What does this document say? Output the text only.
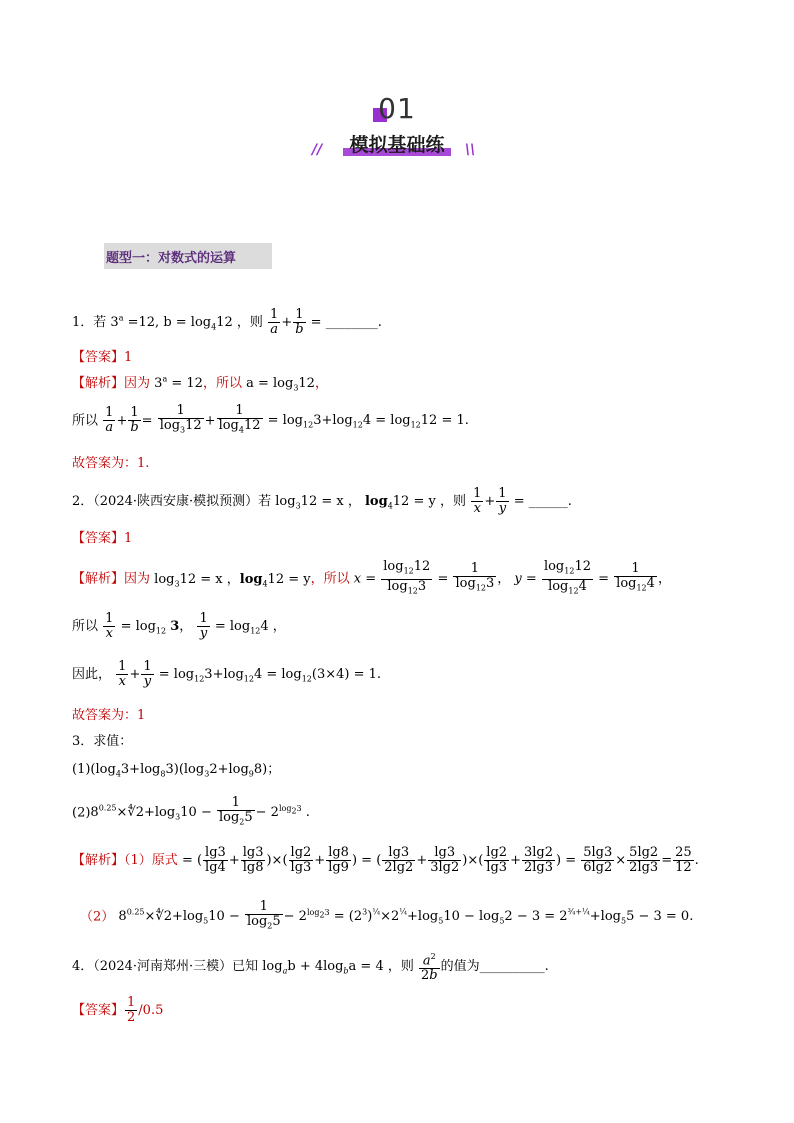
01
//	模拟基础练	\\
题型一：对数式的运算
1．若 $3^a =12$, $b = \log_412$ ，则 $\frac{1}{a} + \frac{1}{b}$ = ________.
【答案】1
【解析】因为 $3^a = 12$，所以 $a = \log_312$，
所以 $\frac{1}{a} + \frac{1}{b} = \frac{1}{\log_312} + \frac{1}{\log_412} = \log_{12}3+\log_{12}4 = \log_{12}12 = 1$.
故答案为：1.
2．（2024·陕西安康·模拟预测）若 $\log_312 = x$ ， $\log_412 = y$ ，则 $\frac{1}{x} + \frac{1}{y}$ = ______.
【答案】1
【解析】因为 $\log_312 = x$ ，$\log_412 = y$，所以 $x = \frac{\log_{12}12}{\log_{12}3} = \frac{1}{\log_{12}3}$ ， $y = \frac{\log_{12}12}{\log_{12}4} = \frac{1}{\log_{12}4}$ ，
所以 $\frac{1}{x} = \log_{12} 3$， $\frac{1}{y} = \log_{12}4$ ，
因此， $\frac{1}{x} + \frac{1}{y} = \log_{12}3+\log_{12}4 = \log_{12}(3\times 4) = 1$.
故答案为：1
3．求值：
$(1)(\log_43+\log_83)(\log_32+\log_98)$；
$(2)8^{0.25}\times∜2+\log_310 - \frac{1}{\log_25} - 2^{log_23}$ .
【解析】（1）原式 = ( $\frac{\lg 3}{\lg 4} + \frac{\lg 3}{\lg 8}$ )×( $\frac{\lg 2}{\lg 3} + \frac{\lg 8}{\lg 9}$ ) = ( $\frac{\lg 3}{2\lg 2} + \frac{\lg 3}{3\lg 2}$ )×( $\frac{\lg 2}{\lg 3} + \frac{3\lg 2}{2\lg 3}$ ) = $\frac{5\lg 3}{6\lg 2} \times \frac{5\lg 2}{2\lg 3} = \frac{25}{12}$ .
（2） $8^{0.25}\times∜2+\log_510 - \frac{1}{\log_25} - 2^{log_23} = (2^3)^{\frac{1}{4}}\times 2^{\frac{1}{4}}+\log_510 - \log_52 - 3 = 2^{\frac{3}{4}+\frac{1}{4}}+\log_55 - 3 = 0$.
4．（2024·河南郑州·三模）已知 $\log_ab + 4\log_ba = 4$ ，则 $\frac{a^2}{2b}$ 的值为__________.
【答案】 $\frac{1}{2} /0.5$
